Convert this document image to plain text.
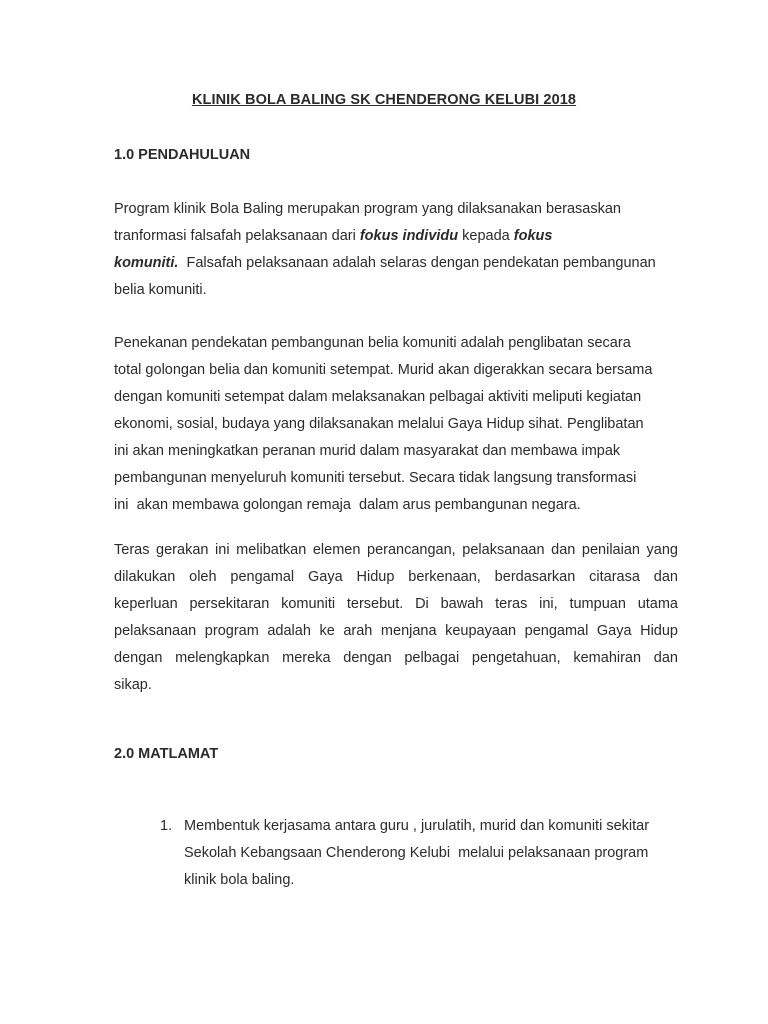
KLINIK BOLA BALING SK CHENDERONG KELUBI 2018
1.0 PENDAHULUAN

Program klinik Bola Baling merupakan program yang dilaksanakan berasaskan
tranformasi falsafah pelaksanaan dari fokus individu kepada fokus
komuniti.  Falsafah pelaksanaan adalah selaras dengan pendekatan pembangunan
belia komuniti.

Penekanan pendekatan pembangunan belia komuniti adalah penglibatan secara
total golongan belia dan komuniti setempat. Murid akan digerakkan secara bersama
dengan komuniti setempat dalam melaksanakan pelbagai aktiviti meliputi kegiatan
ekonomi, sosial, budaya yang dilaksanakan melalui Gaya Hidup sihat. Penglibatan
ini akan meningkatkan peranan murid dalam masyarakat dan membawa impak
pembangunan menyeluruh komuniti tersebut. Secara tidak langsung transformasi
ini  akan membawa golongan remaja  dalam arus pembangunan negara.

Teras gerakan ini melibatkan elemen perancangan, pelaksanaan dan penilaian yang
dilakukan oleh pengamal Gaya Hidup berkenaan, berdasarkan citarasa dan
keperluan persekitaran komuniti tersebut. Di bawah teras ini, tumpuan utama
pelaksanaan program adalah ke arah menjana keupayaan pengamal Gaya Hidup
dengan melengkapkan mereka dengan pelbagai pengetahuan, kemahiran dan
sikap.

2.0 MATLAMAT
1. Membentuk kerjasama antara guru , jurulatih, murid dan komuniti sekitar
Sekolah Kebangsaan Chenderong Kelubi  melalui pelaksanaan program
klinik bola baling.
